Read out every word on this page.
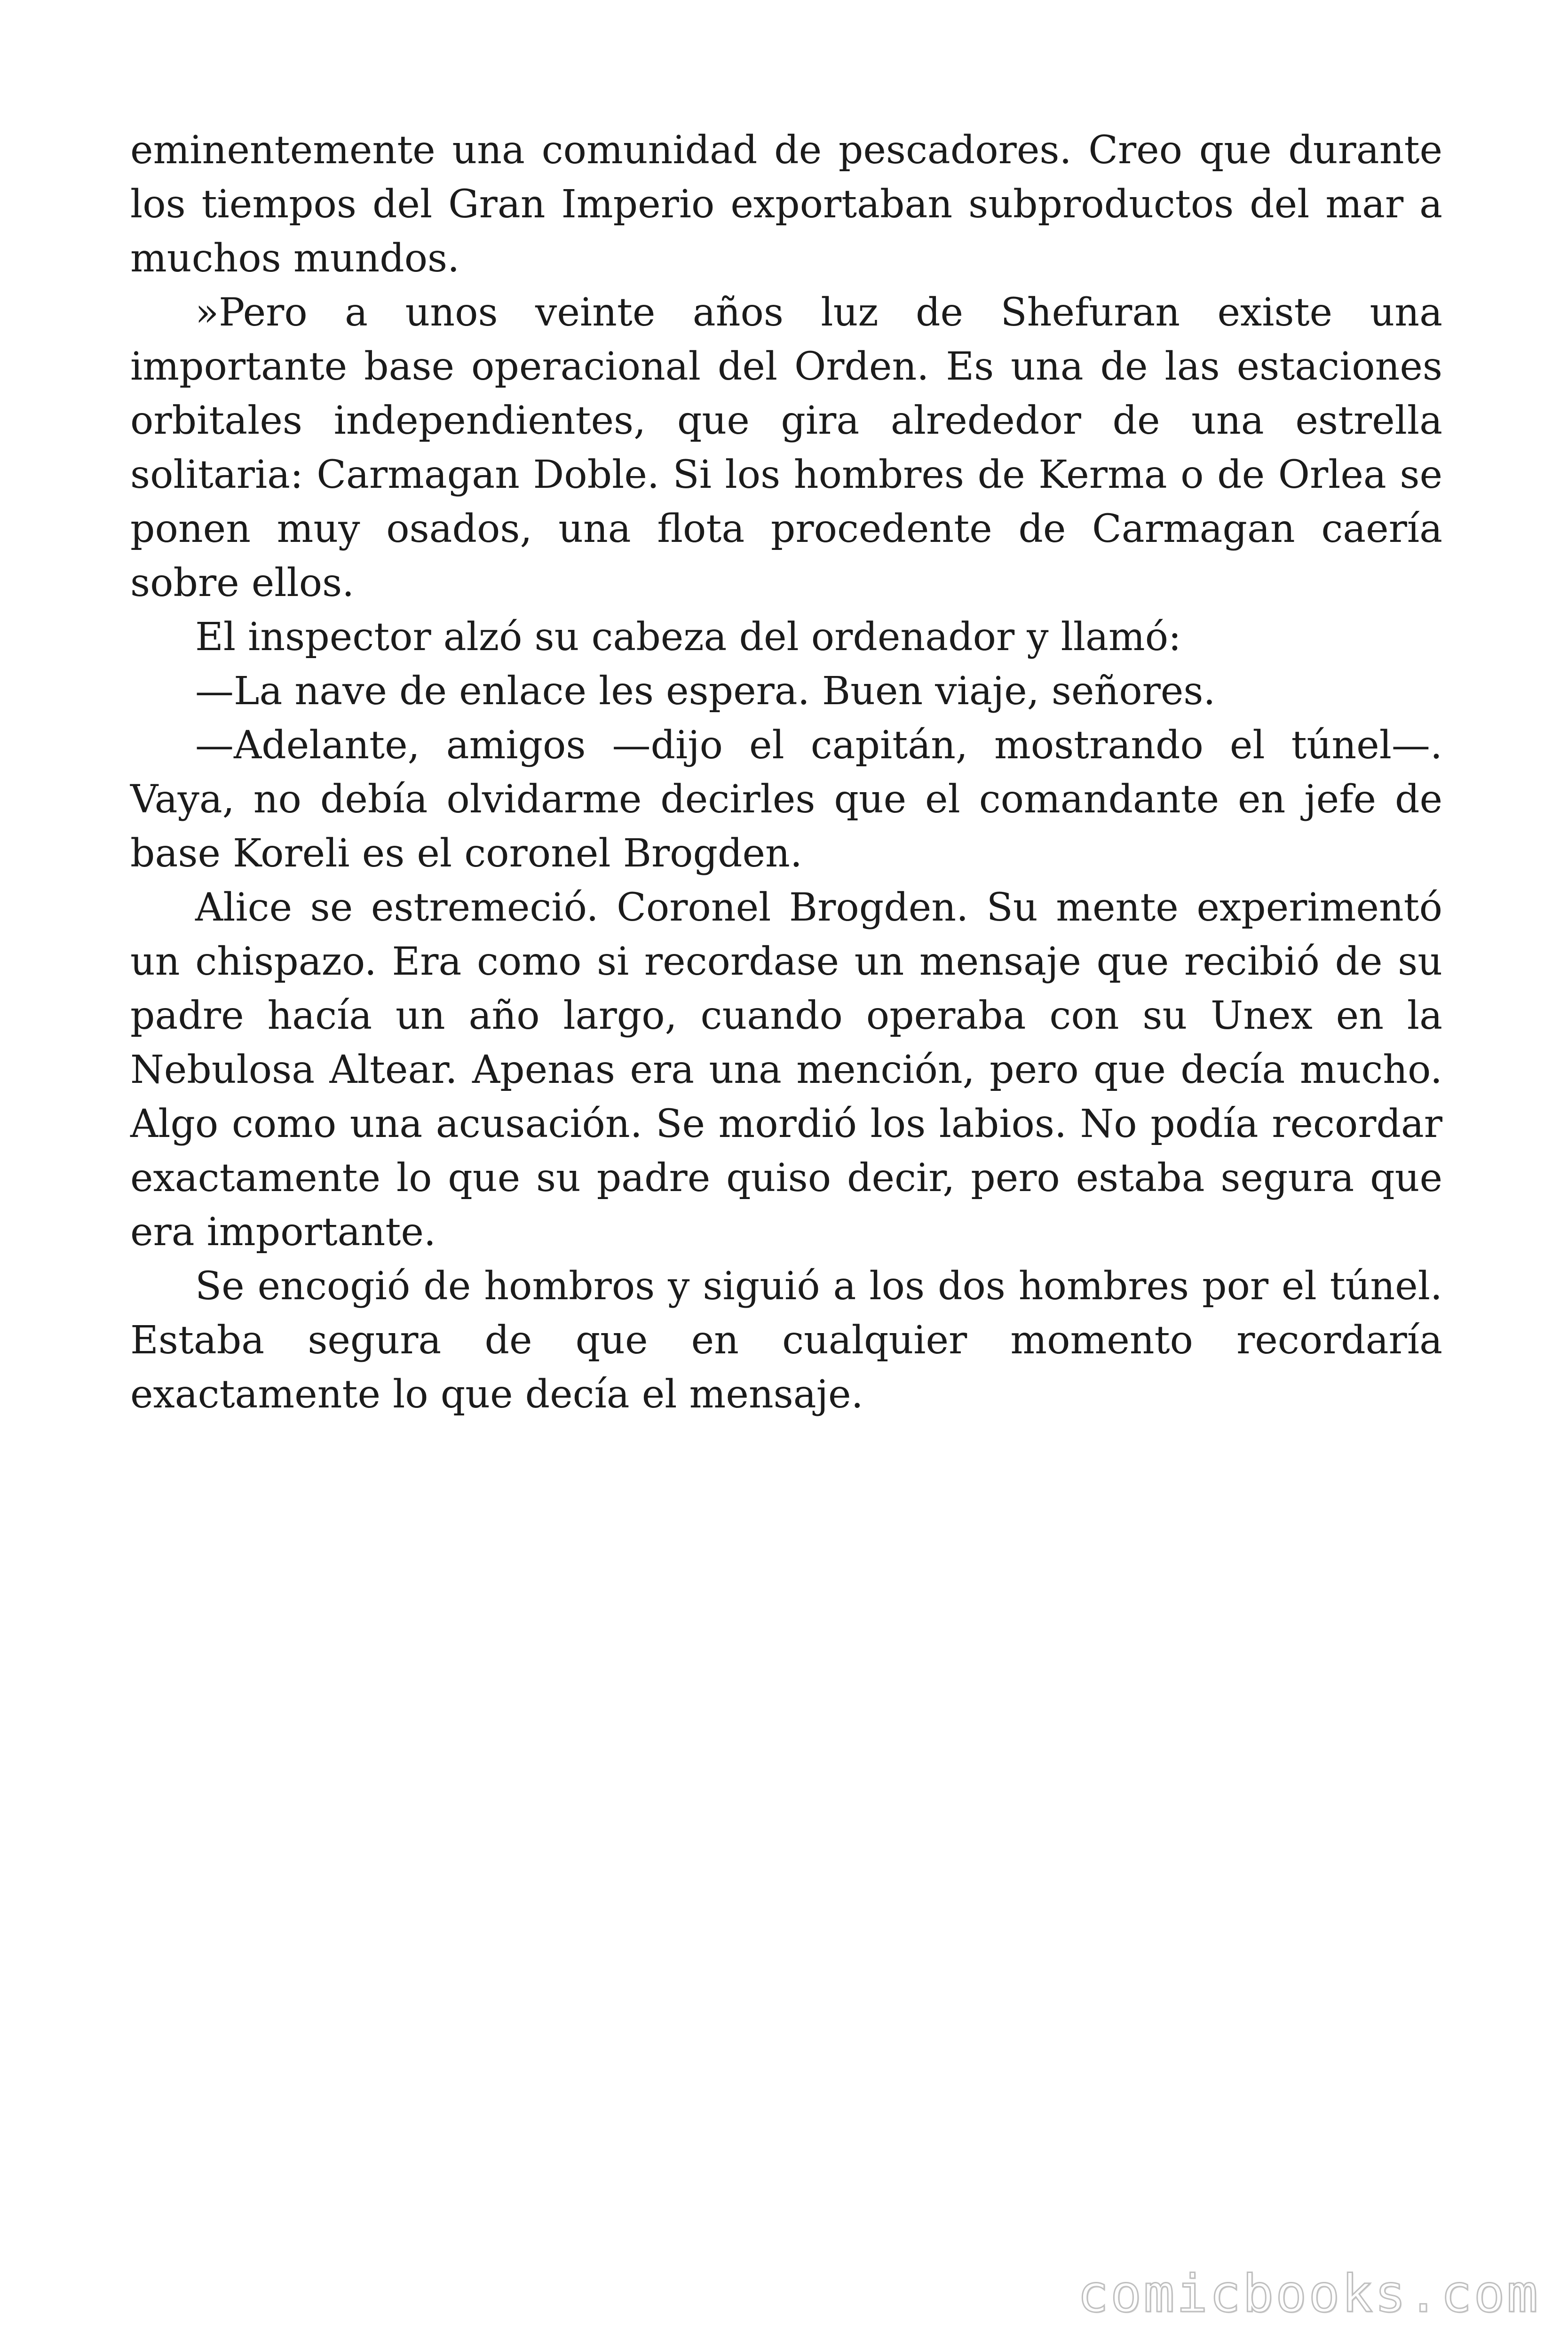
eminentemente una comunidad de pescadores. Creo que durante los tiempos del Gran Imperio exportaban subproductos del mar a muchos mundos.

»Pero a unos veinte años luz de Shefuran existe una importante base operacional del Orden. Es una de las estaciones orbitales independientes, que gira alrededor de una estrella solitaria: Carmagan Doble. Si los hombres de Kerma o de Orlea se ponen muy osados, una flota procedente de Carmagan caería sobre ellos.

El inspector alzó su cabeza del ordenador y llamó:

—La nave de enlace les espera. Buen viaje, señores.

—Adelante, amigos —dijo el capitán, mostrando el túnel—. Vaya, no debía olvidarme decirles que el comandante en jefe de base Koreli es el coronel Brogden.

Alice se estremeció. Coronel Brogden. Su mente experimentó un chispazo. Era como si recordase un mensaje que recibió de su padre hacía un año largo, cuando operaba con su Unex en la Nebulosa Altear. Apenas era una mención, pero que decía mucho. Algo como una acusación. Se mordió los labios. No podía recordar exactamente lo que su padre quiso decir, pero estaba segura que era importante.

Se encogió de hombros y siguió a los dos hombres por el túnel. Estaba segura de que en cualquier momento recordaría exactamente lo que decía el mensaje.

comicbooks.com
